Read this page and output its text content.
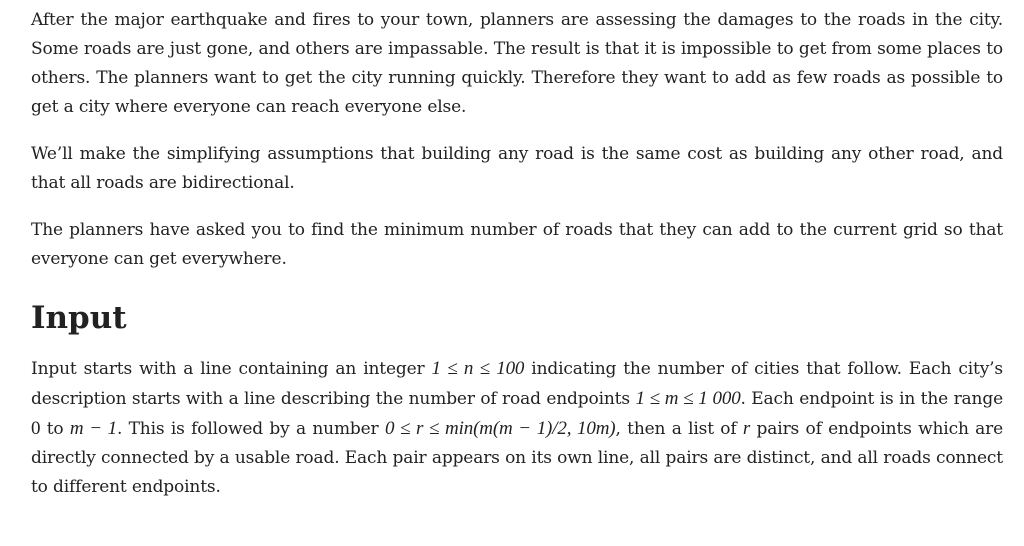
After the major earthquake and fires to your town, planners are assessing the damages to the roads in the city. Some roads are just gone, and others are impassable. The result is that it is impossible to get from some places to others. The planners want to get the city running quickly. Therefore they want to add as few roads as possible to get a city where everyone can reach everyone else.

We’ll make the simplifying assumptions that building any road is the same cost as building any other road, and that all roads are bidirectional.

The planners have asked you to find the minimum number of roads that they can add to the current grid so that everyone can get everywhere.

Input

Input starts with a line containing an integer 1 ≤ n ≤ 100 indicating the number of cities that follow. Each city’s description starts with a line describing the number of road endpoints 1 ≤ m ≤ 1 000. Each endpoint is in the range 0 to m − 1. This is followed by a number 0 ≤ r ≤ min(m(m − 1)/2, 10m), then a list of r pairs of endpoints which are directly connected by a usable road. Each pair appears on its own line, all pairs are distinct, and all roads connect to different endpoints.
